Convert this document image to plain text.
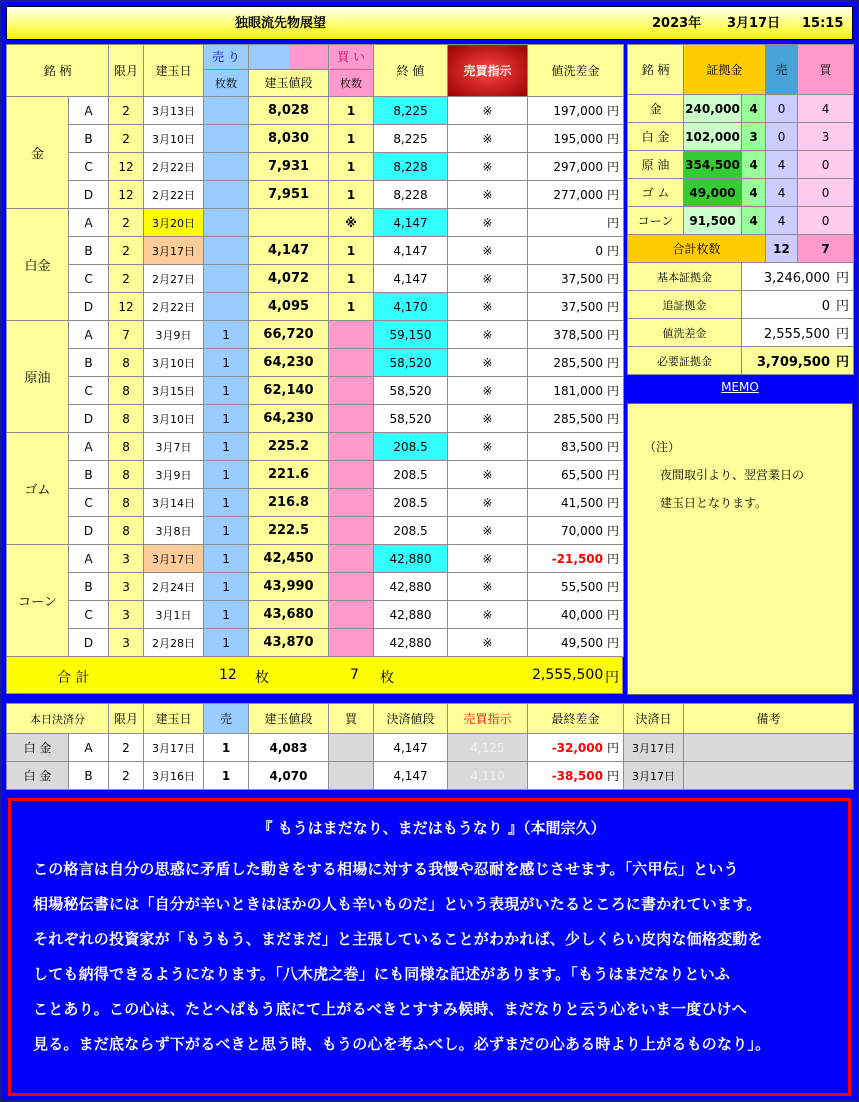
独眼流先物展望	2023年 3月17日 15:15
銘 柄		限月	建玉日	売 り		買 い	終 値	売買指示	値洗差金
				枚数	建玉値段	枚数			
金	A	2	3月13日		8,028	1	8,225	※	197,000 円
	B	2	3月10日		8,030	1	8,225	※	195,000 円
	C	12	2月22日		7,931	1	8,228	※	297,000 円
	D	12	2月22日		7,951	1	8,228	※	277,000 円
白金	A	2	3月20日			※	4,147	※	円
	B	2	3月17日		4,147	1	4,147	※	0 円
	C	2	2月27日		4,072	1	4,147	※	37,500 円
	D	12	2月22日		4,095	1	4,170	※	37,500 円
原油	A	7	3月9日	1	66,720		59,150	※	378,500 円
	B	8	3月10日	1	64,230		58,520	※	285,500 円
	C	8	3月15日	1	62,140		58,520	※	181,000 円
	D	8	3月10日	1	64,230		58,520	※	285,500 円
ゴム	A	8	3月7日	1	225.2		208.5	※	83,500 円
	B	8	3月9日	1	221.6		208.5	※	65,500 円
	C	8	3月14日	1	216.8		208.5	※	41,500 円
	D	8	3月8日	1	222.5		208.5	※	70,000 円
コーン	A	3	3月17日	1	42,450		42,880	※	-21,500 円
	B	3	2月24日	1	43,990		42,880	※	55,500 円
	C	3	3月1日	1	43,680		42,880	※	40,000 円
	D	3	2月28日	1	43,870		42,880	※	49,500 円
合 計	12 枚	7 枚	2,555,500 円
銘 柄	証拠金		売	買
金	240,000	4	0	4
白 金	102,000	3	0	3
原 油	354,500	4	4	0
ゴ ム	49,000	4	4	0
コーン	91,500	4	4	0
合計枚数			12	7
基本証拠金		3,246,000 円		
追証拠金		0 円		
値洗差金		2,555,500 円		
必要証拠金		3,709,500 円		
MEMO
（注）
夜間取引より、翌営業日の
建玉日となります。
本日決済分		限月	建玉日	売	建玉値段	買	決済値段	売買指示	最終差金	決済日	備考
白 金	A	2	3月17日	1	4,083		4,147	4,125	-32,000 円	3月17日	
白 金	B	2	3月16日	1	4,070		4,147	4,110	-38,500 円	3月17日	
『 もうはまだなり、まだはもうなり 』（本間宗久）
この格言は自分の思惑に矛盾した動きをする相場に対する我慢や忍耐を感じさせます。「六甲伝」という
相場秘伝書には「自分が辛いときはほかの人も辛いものだ」という表現がいたるところに書かれています。
それぞれの投資家が「もうもう、まだまだ」と主張していることがわかれば、少しくらい皮肉な価格変動を
しても納得できるようになります。「八木虎之巻」にも同様な記述があります。「もうはまだなりといふ
ことあり。この心は、たとへばもう底にて上がるべきとすすみ候時、まだなりと云う心をいま一度ひけへ
見る。まだ底ならず下がるべきと思う時、もうの心を考ふべし。必ずまだの心ある時より上がるものなり」。
